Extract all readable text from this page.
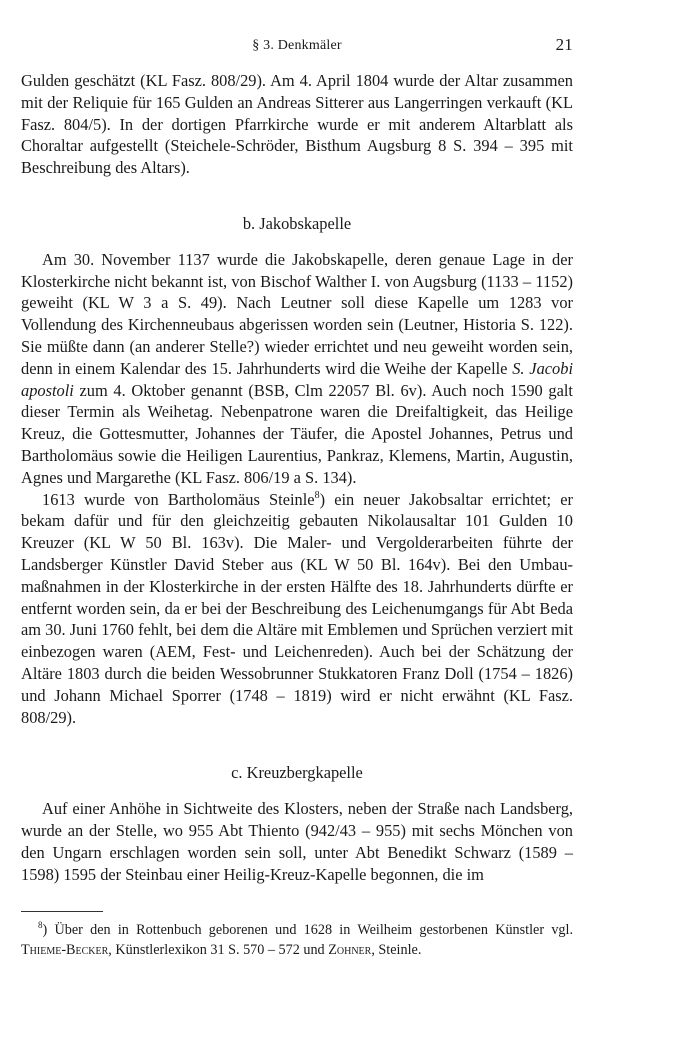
§ 3. Denkmäler	21

Gulden geschätzt (KL Fasz. 808/29). Am 4. April 1804 wurde der Altar zusammen mit der Reliquie für 165 Gulden an Andreas Sitterer aus Langerringen verkauft (KL Fasz. 804/5). In der dortigen Pfarrkirche wurde er mit anderem Altarblatt als Choraltar aufgestellt (Steichele-Schröder, Bisthum Augsburg 8 S. 394 – 395 mit Beschreibung des Altars).

b. Jakobskapelle

Am 30. November 1137 wurde die Jakobskapelle, deren genaue Lage in der Klosterkirche nicht bekannt ist, von Bischof Walther I. von Augsburg (1133 – 1152) geweiht (KL W 3 a S. 49). Nach Leutner soll diese Kapelle um 1283 vor Vollendung des Kirchenneubaus abgerissen worden sein (Leutner, Historia S. 122). Sie müßte dann (an anderer Stelle?) wieder errichtet und neu geweiht worden sein, denn in einem Kalendar des 15. Jahrhunderts wird die Weihe der Kapelle S. Jacobi apostoli zum 4. Oktober genannt (BSB, Clm 22057 Bl. 6v). Auch noch 1590 galt dieser Termin als Weihetag. Nebenpatrone waren die Dreifaltigkeit, das Heilige Kreuz, die Gottesmutter, Johannes der Täufer, die Apostel Johannes, Petrus und Bartholomäus sowie die Heiligen Laurentius, Pankraz, Klemens, Martin, Augustin, Agnes und Margarethe (KL Fasz. 806/19 a S. 134).

1613 wurde von Bartholomäus Steinle$^8$) ein neuer Jakobsaltar errichtet; er bekam dafür und für den gleichzeitig gebauten Nikolausaltar 101 Gulden 10 Kreuzer (KL W 50 Bl. 163v). Die Maler- und Vergolderarbeiten führte der Landsberger Künstler David Steber aus (KL W 50 Bl. 164v). Bei den Umbaumaßnahmen in der Klosterkirche in der ersten Hälfte des 18. Jahrhunderts dürfte er entfernt worden sein, da er bei der Beschreibung des Leichenumgangs für Abt Beda am 30. Juni 1760 fehlt, bei dem die Altäre mit Emblemen und Sprüchen verziert mit einbezogen waren (AEM, Fest- und Leichenreden). Auch bei der Schätzung der Altäre 1803 durch die beiden Wessobrunner Stukkatoren Franz Doll (1754 – 1826) und Johann Michael Sporrer (1748 – 1819) wird er nicht erwähnt (KL Fasz. 808/29).

c. Kreuzbergkapelle

Auf einer Anhöhe in Sichtweite des Klosters, neben der Straße nach Landsberg, wurde an der Stelle, wo 955 Abt Thiento (942/43 – 955) mit sechs Mönchen von den Ungarn erschlagen worden sein soll, unter Abt Benedikt Schwarz (1589 – 1598) 1595 der Steinbau einer Heilig-Kreuz-Kapelle begonnen, die im

$^8$) Über den in Rottenbuch geborenen und 1628 in Weilheim gestorbenen Künstler vgl. Thieme-Becker, Künstlerlexikon 31 S. 570 – 572 und Zohner, Steinle.
